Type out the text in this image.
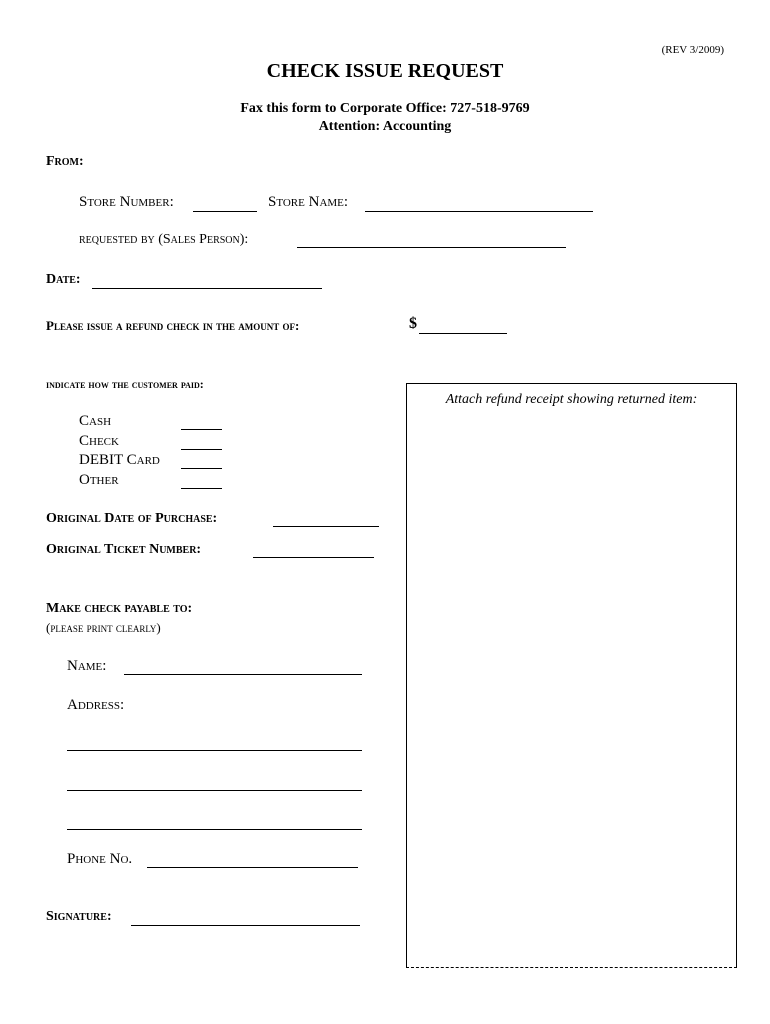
(REV 3/2009)
CHECK ISSUE REQUEST
Fax this form to Corporate Office: 727-518-9769
Attention: Accounting
From:
Store Number:	Store Name:
requested by (Sales Person):
Date:
Please issue a refund check in the amount of:	$
indicate how the customer paid:
Cash
Check
DEBIT Card
Other
Original Date of Purchase:
Original Ticket Number:
Make check payable to:
(please print clearly)
Name:
Address:
Phone No.
Signature:
Attach refund receipt showing returned item:
